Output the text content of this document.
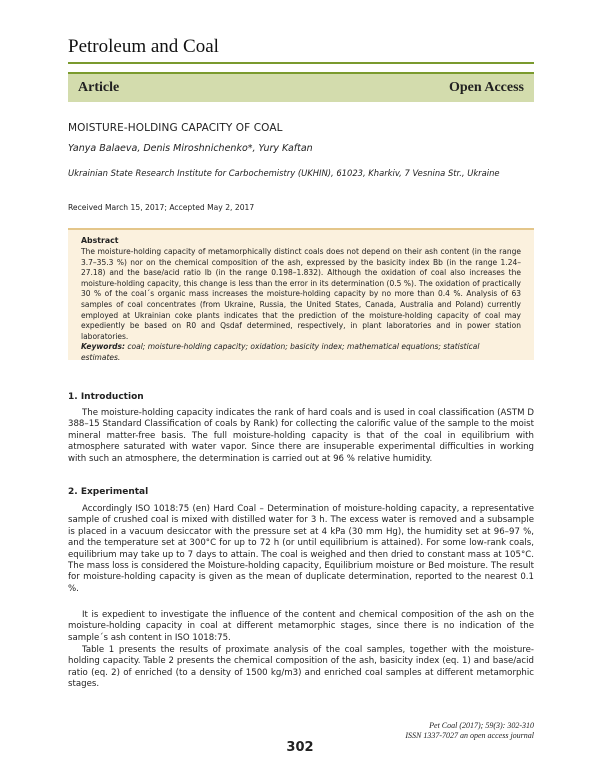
Petroleum and Coal
Article	Open Access
MOISTURE-HOLDING CAPACITY OF COAL
Yanya Balaeva, Denis Miroshnichenko*, Yury Kaftan
Ukrainian State Research Institute for Carbochemistry (UKHIN), 61023, Kharkiv, 7 Vesnina Str., Ukraine
Received March 15, 2017; Accepted May 2, 2017
Abstract
The moisture-holding capacity of metamorphically distinct coals does not depend on their ash content (in the range 3.7–35.3 %) nor on the chemical composition of the ash, expressed by the basicity index Bb (in the range 1.24–27.18) and the base/acid ratio Ib (in the range 0.198–1.832). Although the oxidation of coal also increases the moisture-holding capacity, this change is less than the error in its determination (0.5 %). The oxidation of practically 30 % of the coal´s organic mass increases the moisture-holding capacity by no more than 0.4 %. Analysis of 63 samples of coal concentrates (from Ukraine, Russia, the United States, Canada, Australia and Poland) currently employed at Ukrainian coke plants indicates that the prediction of the moisture-holding capacity of coal may expediently be based on R0 and Qsdaf determined, respectively, in plant laboratories and in power station laboratories.
Keywords: coal; moisture-holding capacity; oxidation; basicity index; mathematical equations; statistical estimates.
1. Introduction
The moisture-holding capacity indicates the rank of hard coals and is used in coal classification (ASTM D 388–15 Standard Classification of coals by Rank) for collecting the calorific value of the sample to the moist mineral matter-free basis. The full moisture-holding capacity is that of the coal in equilibrium with atmosphere saturated with water vapor. Since there are insuperable experimental difficulties in working with such an atmosphere, the determination is carried out at 96 % relative humidity.
2. Experimental
Accordingly ISO 1018:75 (en) Hard Coal – Determination of moisture-holding capacity, a representative sample of crushed coal is mixed with distilled water for 3 h. The excess water is removed and a subsample is placed in a vacuum desiccator with the pressure set at 4 kPa (30 mm Hg), the humidity set at 96–97 %, and the temperature set at 300°C for up to 72 h (or until equilibrium is attained). For some low-rank coals, equilibrium may take up to 7 days to attain. The coal is weighed and then dried to constant mass at 105°C. The mass loss is considered the Moisture-holding capacity, Equilibrium moisture or Bed moisture. The result for moisture-holding capacity is given as the mean of duplicate determination, reported to the nearest 0.1 %.
It is expedient to investigate the influence of the content and chemical composition of the ash on the moisture-holding capacity in coal at different metamorphic stages, since there is no indication of the sample´s ash content in ISO 1018:75.
Table 1 presents the results of proximate analysis of the coal samples, together with the moisture-holding capacity. Table 2 presents the chemical composition of the ash, basicity index (eq. 1) and base/acid ratio (eq. 2) of enriched (to a density of 1500 kg/m3) and enriched coal samples at different metamorphic stages.
Pet Coal (2017); 59(3): 302-310
ISSN 1337-7027 an open access journal
302
